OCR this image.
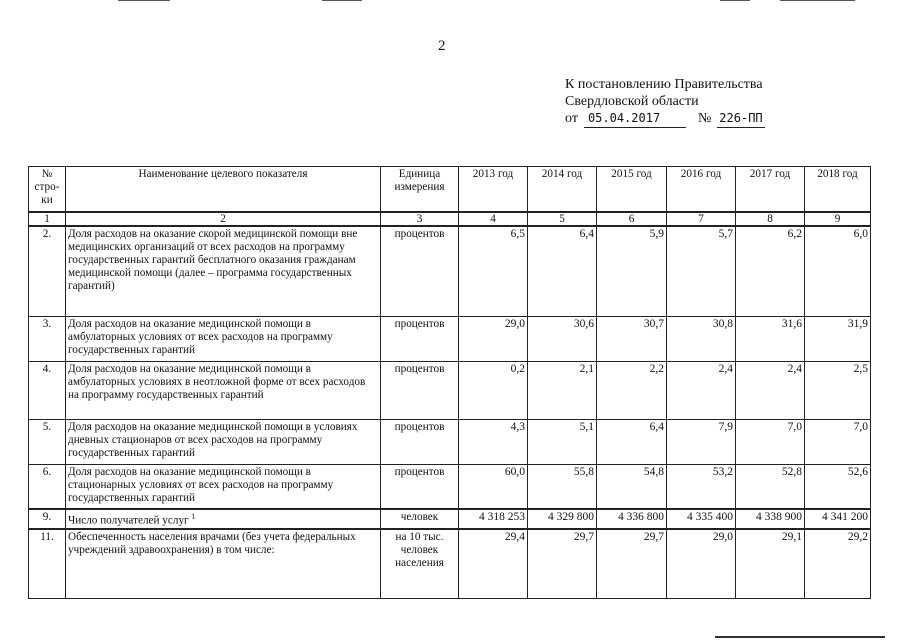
2
К постановлению Правительства
Свердловской области
от 05.04.2017	№ 226-ПП
№ стро-ки	Наименование целевого показателя	Единица измерения	2013 год	2014 год	2015 год	2016 год	2017 год	2018 год
1	2	3	4	5	6	7	8	9
2.	Доля расходов на оказание скорой медицинской помощи вне медицинских организаций от всех расходов на программу государственных гарантий бесплатного оказания гражданам медицинской помощи (далее – программа государственных гарантий)	процентов	6,5	6,4	5,9	5,7	6,2	6,0
3.	Доля расходов на оказание медицинской помощи в амбулаторных условиях от всех расходов на программу государственных гарантий	процентов	29,0	30,6	30,7	30,8	31,6	31,9
4.	Доля расходов на оказание медицинской помощи в амбулаторных условиях в неотложной форме от всех расходов на программу государственных гарантий	процентов	0,2	2,1	2,2	2,4	2,4	2,5
5.	Доля расходов на оказание медицинской помощи в условиях дневных стационаров от всех расходов на программу государственных гарантий	процентов	4,3	5,1	6,4	7,9	7,0	7,0
6.	Доля расходов на оказание медицинской помощи в стационарных условиях от всех расходов на программу государственных гарантий	процентов	60,0	55,8	54,8	53,2	52,8	52,6
9.	Число получателей услуг $^1$	человек	4 318 253	4 329 800	4 336 800	4 335 400	4 338 900	4 341 200
11.	Обеспеченность населения врачами (без учета федеральных учреждений здравоохранения) в том числе:	на 10 тыс. человек населения	29,4	29,7	29,7	29,0	29,1	29,2
